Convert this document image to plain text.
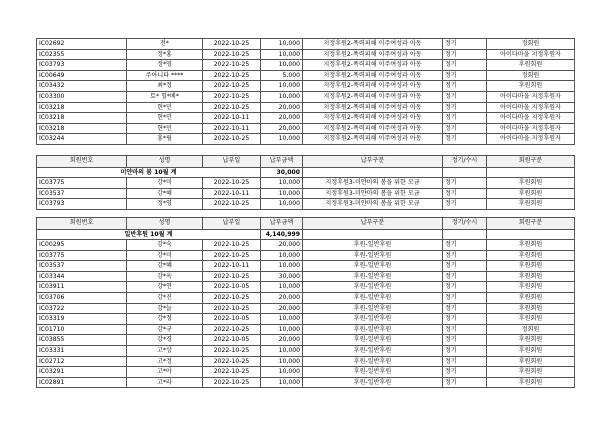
IC02692	전*	2022-10-25	10,000	지정후원2-폭력피해 이주여성과 아동	정기	정회원
IC02355	정*홍	2022-10-25	10,000	지정후원2-폭력피해 이주여성과 아동	정기	아이다마을 지정후원자
IC03793	정*영	2022-10-25	10,000	지정후원2-폭력피해 이주여성과 아동	정기	후원회원
IC00649	주아니타 ****	2022-10-25	5,000	지정후원2-폭력피해 이주여성과 아동	정기	정회원
IC03432	최*정	2022-10-25	10,000	지정후원2-폭력피해 이주여성과 아동	정기	후원회원
IC03300	토* 힐*베*	2022-10-25	10,000	지정후원2-폭력피해 이주여성과 아동	정기	아이다마을 지정후원자
IC03218	현*민	2022-10-25	20,000	지정후원2-폭력피해 이주여성과 아동	정기	아이다마을 지정후원자
IC03218	현*민	2022-10-11	20,000	지정후원2-폭력피해 이주여성과 아동	정기	아이다마을 지정후원자
IC03218	현*민	2022-10-11	20,000	지정후원2-폭력피해 이주여성과 아동	정기	아이다마을 지정후원자
IC03244	홍*림	2022-10-25	10,000	지정후원2-폭력피해 이주여성과 아동	정기	아이다마을 지정후원자
회원번호	성명	납부일	납부금액	납부구분	정기/수시	회원구분
미얀마의 봄 10월 계			30,000			
IC03775	강*미	2022-10-25	10,000	지정후원3-미얀마의 봄을 위한 모금	정기	후원회원
IC03537	강*혜	2022-10-11	10,000	지정후원3-미얀마의 봄을 위한 모금	정기	후원회원
IC03793	정*영	2022-10-25	10,000	지정후원3-미얀마의 봄을 위한 모금	정기	후원회원
회원번호	성명	납부일	납부금액	납부구분	정기/수시	회원구분
일반후원 10월 계			4,140,999			
IC00295	강*숙	2022-10-25	20,000	후원-일반후원	정기	후원회원
IC03775	강*미	2022-10-25	10,000	후원-일반후원	정기	후원회원
IC03537	강*혜	2022-10-11	10,000	후원-일반후원	정기	후원회원
IC03344	강*옥	2022-10-25	30,000	후원-일반후원	정기	후원회원
IC03911	강*연	2022-10-05	10,000	후원-일반후원	정기	후원회원
IC03706	강*진	2022-10-25	20,000	후원-일반후원	정기	후원회원
IC03722	강*늘	2022-10-25	20,000	후원-일반후원	정기	후원회원
IC03319	강*정	2022-10-05	10,000	후원-일반후원	정기	후원회원
IC01710	강*규	2022-10-25	10,000	후원-일반후원	정기	정회원
IC03855	강*경	2022-10-05	20,000	후원-일반후원	정기	후원회원
IC03331	고*상	2022-10-25	10,000	후원-일반후원	정기	후원회원
IC02712	고*정	2022-10-25	10,000	후원-일반후원	정기	후원회원
IC03291	고*아	2022-10-25	10,000	후원-일반후원	정기	후원회원
IC02891	고*라	2022-10-25	10,000	후원-일반후원	정기	후원회원
